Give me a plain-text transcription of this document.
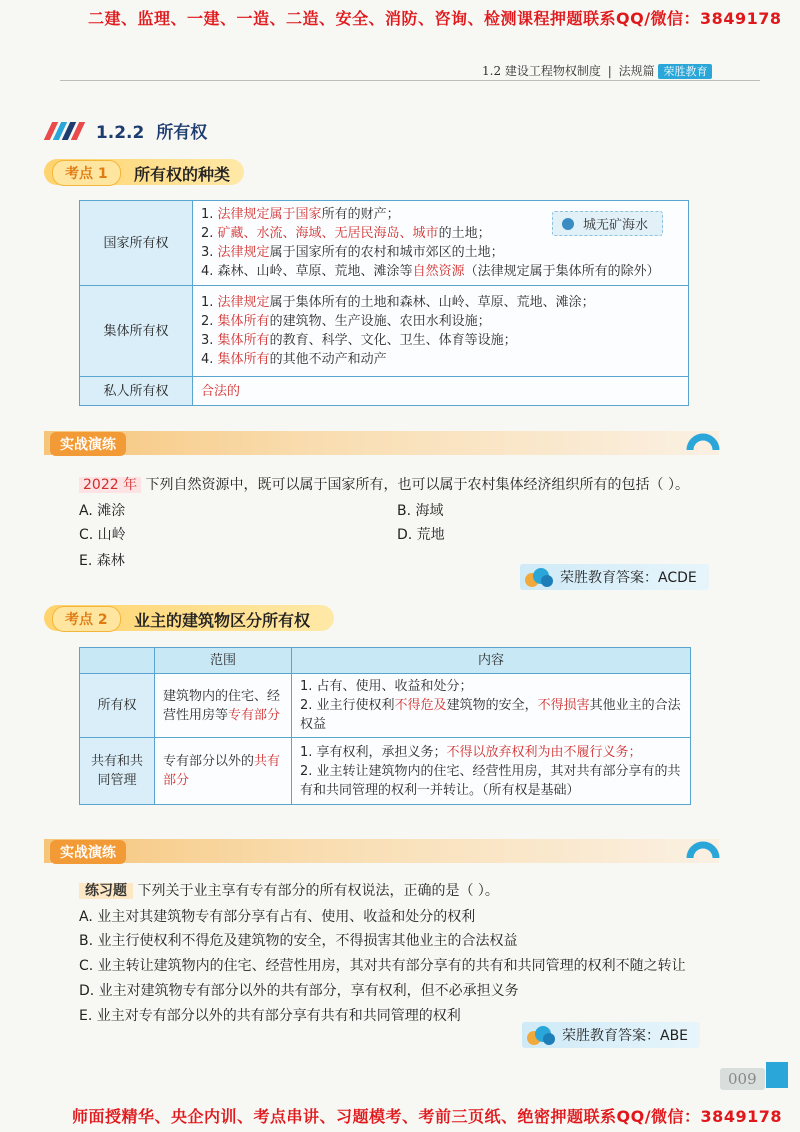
二建、监理、一建、一造、二造、安全、消防、咨询、检测课程押题联系QQ/微信：3849178
1.2 建设工程物权制度 | 法规篇 荣胜教育
1.2.2 所有权
考点 1	所有权的种类
国家所有权	1. 法律规定属于国家所有的财产；
2. 矿藏、水流、海域、无居民海岛、城市的土地；
3. 法律规定属于国家所有的农村和城市郊区的土地；
4. 森林、山岭、草原、荒地、滩涂等自然资源（法律规定属于集体所有的除外）

集体所有权	1. 法律规定属于集体所有的土地和森林、山岭、草原、荒地、滩涂；
2. 集体所有的建筑物、生产设施、农田水利设施；
3. 集体所有的教育、科学、文化、卫生、体育等设施；
4. 集体所有的其他不动产和动产

私人所有权	合法的
城无矿海水
实战演练
2022 年 下列自然资源中，既可以属于国家所有，也可以属于农村集体经济组织所有的包括（ ）。
A. 滩涂	B. 海域
C. 山岭	D. 荒地
E. 森林
荣胜教育答案：ACDE
考点 2	业主的建筑物区分所有权
	范围	内容
所有权	建筑物内的住宅、经营性用房等专有部分	1. 占有、使用、收益和处分；
2. 业主行使权利不得危及建筑物的安全，不得损害其他业主的合法权益

共有和共同管理	专有部分以外的共有部分	1. 享有权利，承担义务；不得以放弃权利为由不履行义务；
2. 业主转让建筑物内的住宅、经营性用房，其对共有部分享有的共有和共同管理的权利一并转让。（所有权是基础）
实战演练
练习题 下列关于业主享有专有部分的所有权说法，正确的是（ ）。
A. 业主对其建筑物专有部分享有占有、使用、收益和处分的权利
B. 业主行使权利不得危及建筑物的安全，不得损害其他业主的合法权益
C. 业主转让建筑物内的住宅、经营性用房，其对共有部分享有的共有和共同管理的权利不随之转让
D. 业主对建筑物专有部分以外的共有部分，享有权利，但不必承担义务
E. 业主对专有部分以外的共有部分享有共有和共同管理的权利
荣胜教育答案：ABE
009
师面授精华、央企内训、考点串讲、习题模考、考前三页纸、绝密押题联系QQ/微信：3849178
